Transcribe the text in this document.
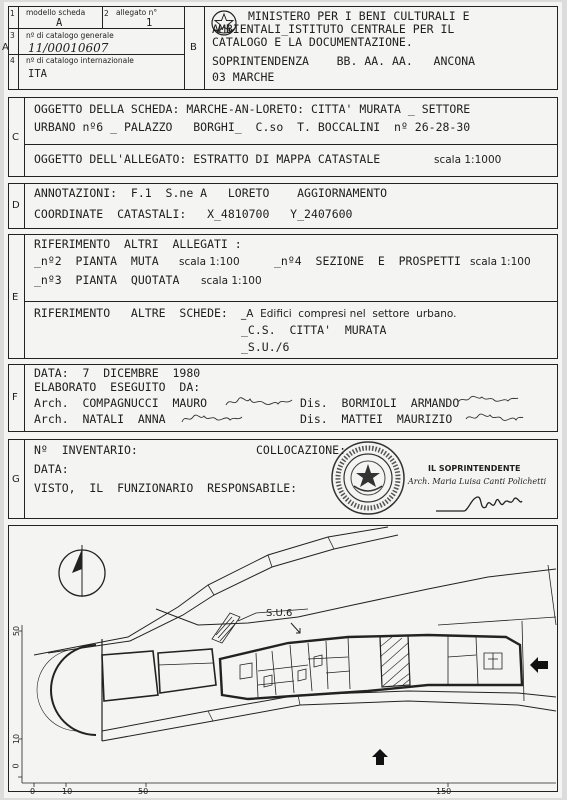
1
3
4
2
A
modello scheda
A
allegato n°
1
nº di catalogo generale
11/00010607
nº di catalogo internazionale
ITA
B
MINISTERO PER I BENI CULTURALI E
AMBIENTALI_ISTITUTO CENTRALE PER IL
CATALOGO E LA DOCUMENTAZIONE.
SOPRINTENDENZA    BB. AA. AA.   ANCONA
03 MARCHE
C
OGGETTO DELLA SCHEDA: MARCHE-AN-LORETO: CITTA' MURATA _ SETTORE
URBANO nº6 _ PALAZZO   BORGHI_  C.so  T. BOCCALINI  nº 26-28-30
OGGETTO DELL'ALLEGATO: ESTRATTO DI MAPPA CATASTALE	scala 1:1000
D
ANNOTAZIONI:  F.1  S.ne A   LORETO    AGGIORNAMENTO
COORDINATE  CATASTALI:   X_4810700   Y_2407600
E
RIFERIMENTO  ALTRI  ALLEGATI :
_nº2  PIANTA  MUTA scala 1:100	_nº4  SEZIONE  E  PROSPETTI scala 1:100
_nº3  PIANTA  QUOTATA scala 1:100
RIFERIMENTO   ALTRE  SCHEDE: _A  Edifici  compresi nel  settore  urbano.
_C.S.  CITTA'  MURATA
_S.U./6
F
DATA:  7  DICEMBRE  1980
ELABORATO  ESEGUITO  DA:
Arch.  COMPAGNUCCI  MAURO	Dis.  BORMIOLI  ARMANDO
Arch.  NATALI  ANNA	Dis.  MATTEI  MAURIZIO
G
Nº  INVENTARIO:	COLLOCAZIONE:
DATA:
VISTO,  IL  FUNZIONARIO  RESPONSABILE:
IL SOPRINTENDENTE
Arch. Maria Luisa Canti Polichetti
S.U.6
50
10
0
0	10	50	150
